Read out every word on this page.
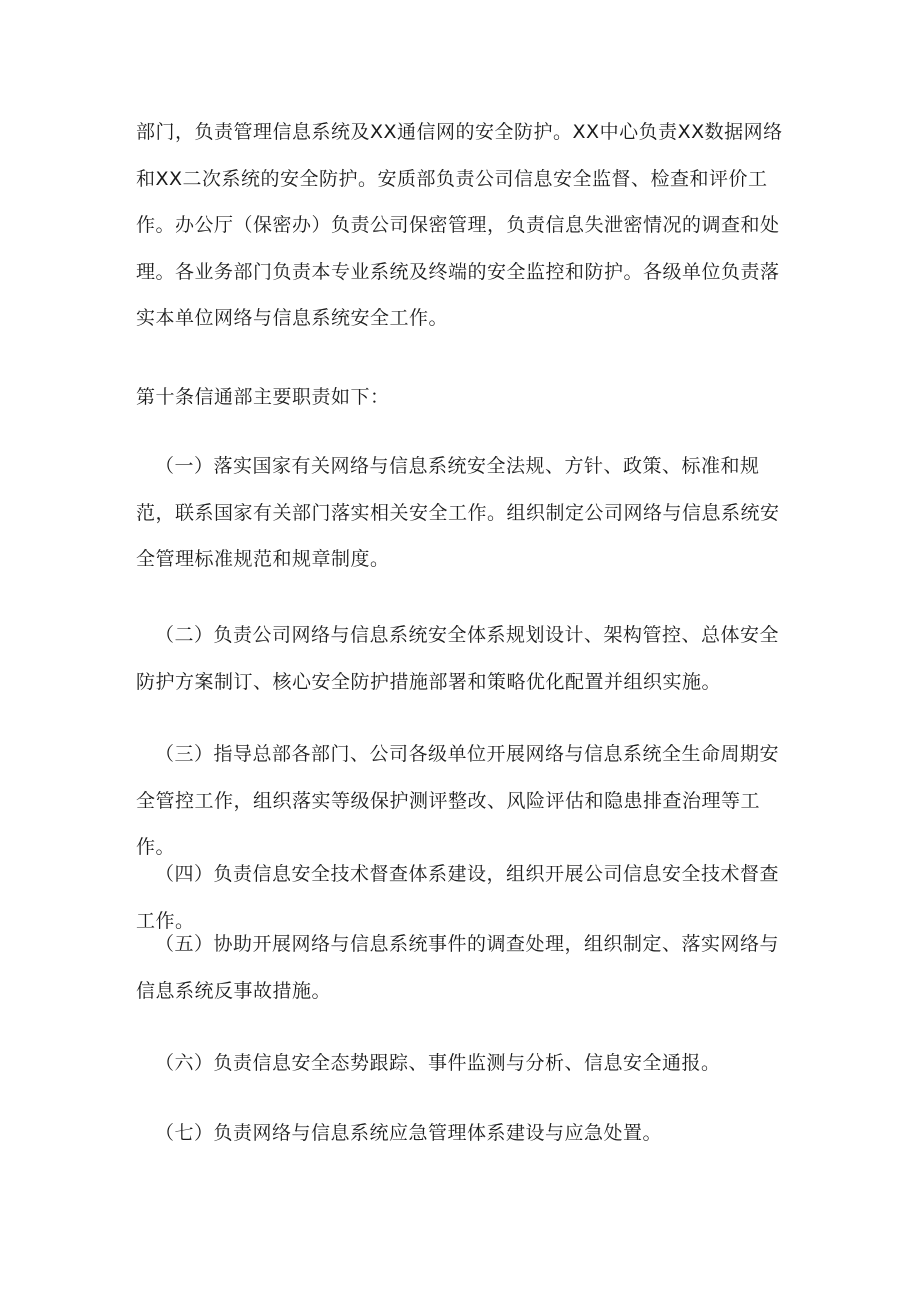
部门，负责管理信息系统及XX通信网的安全防护。XX中心负责XX数据网络和XX二次系统的安全防护。安质部负责公司信息安全监督、检查和评价工作。办公厅（保密办）负责公司保密管理，负责信息失泄密情况的调查和处理。各业务部门负责本专业系统及终端的安全监控和防护。各级单位负责落实本单位网络与信息系统安全工作。

第十条信通部主要职责如下：

（一）落实国家有关网络与信息系统安全法规、方针、政策、标准和规范，联系国家有关部门落实相关安全工作。组织制定公司网络与信息系统安全管理标准规范和规章制度。

（二）负责公司网络与信息系统安全体系规划设计、架构管控、总体安全防护方案制订、核心安全防护措施部署和策略优化配置并组织实施。

（三）指导总部各部门、公司各级单位开展网络与信息系统全生命周期安全管控工作，组织落实等级保护测评整改、风险评估和隐患排查治理等工作。

（四）负责信息安全技术督查体系建设，组织开展公司信息安全技术督查工作。

（五）协助开展网络与信息系统事件的调查处理，组织制定、落实网络与信息系统反事故措施。

（六）负责信息安全态势跟踪、事件监测与分析、信息安全通报。

（七）负责网络与信息系统应急管理体系建设与应急处置。
